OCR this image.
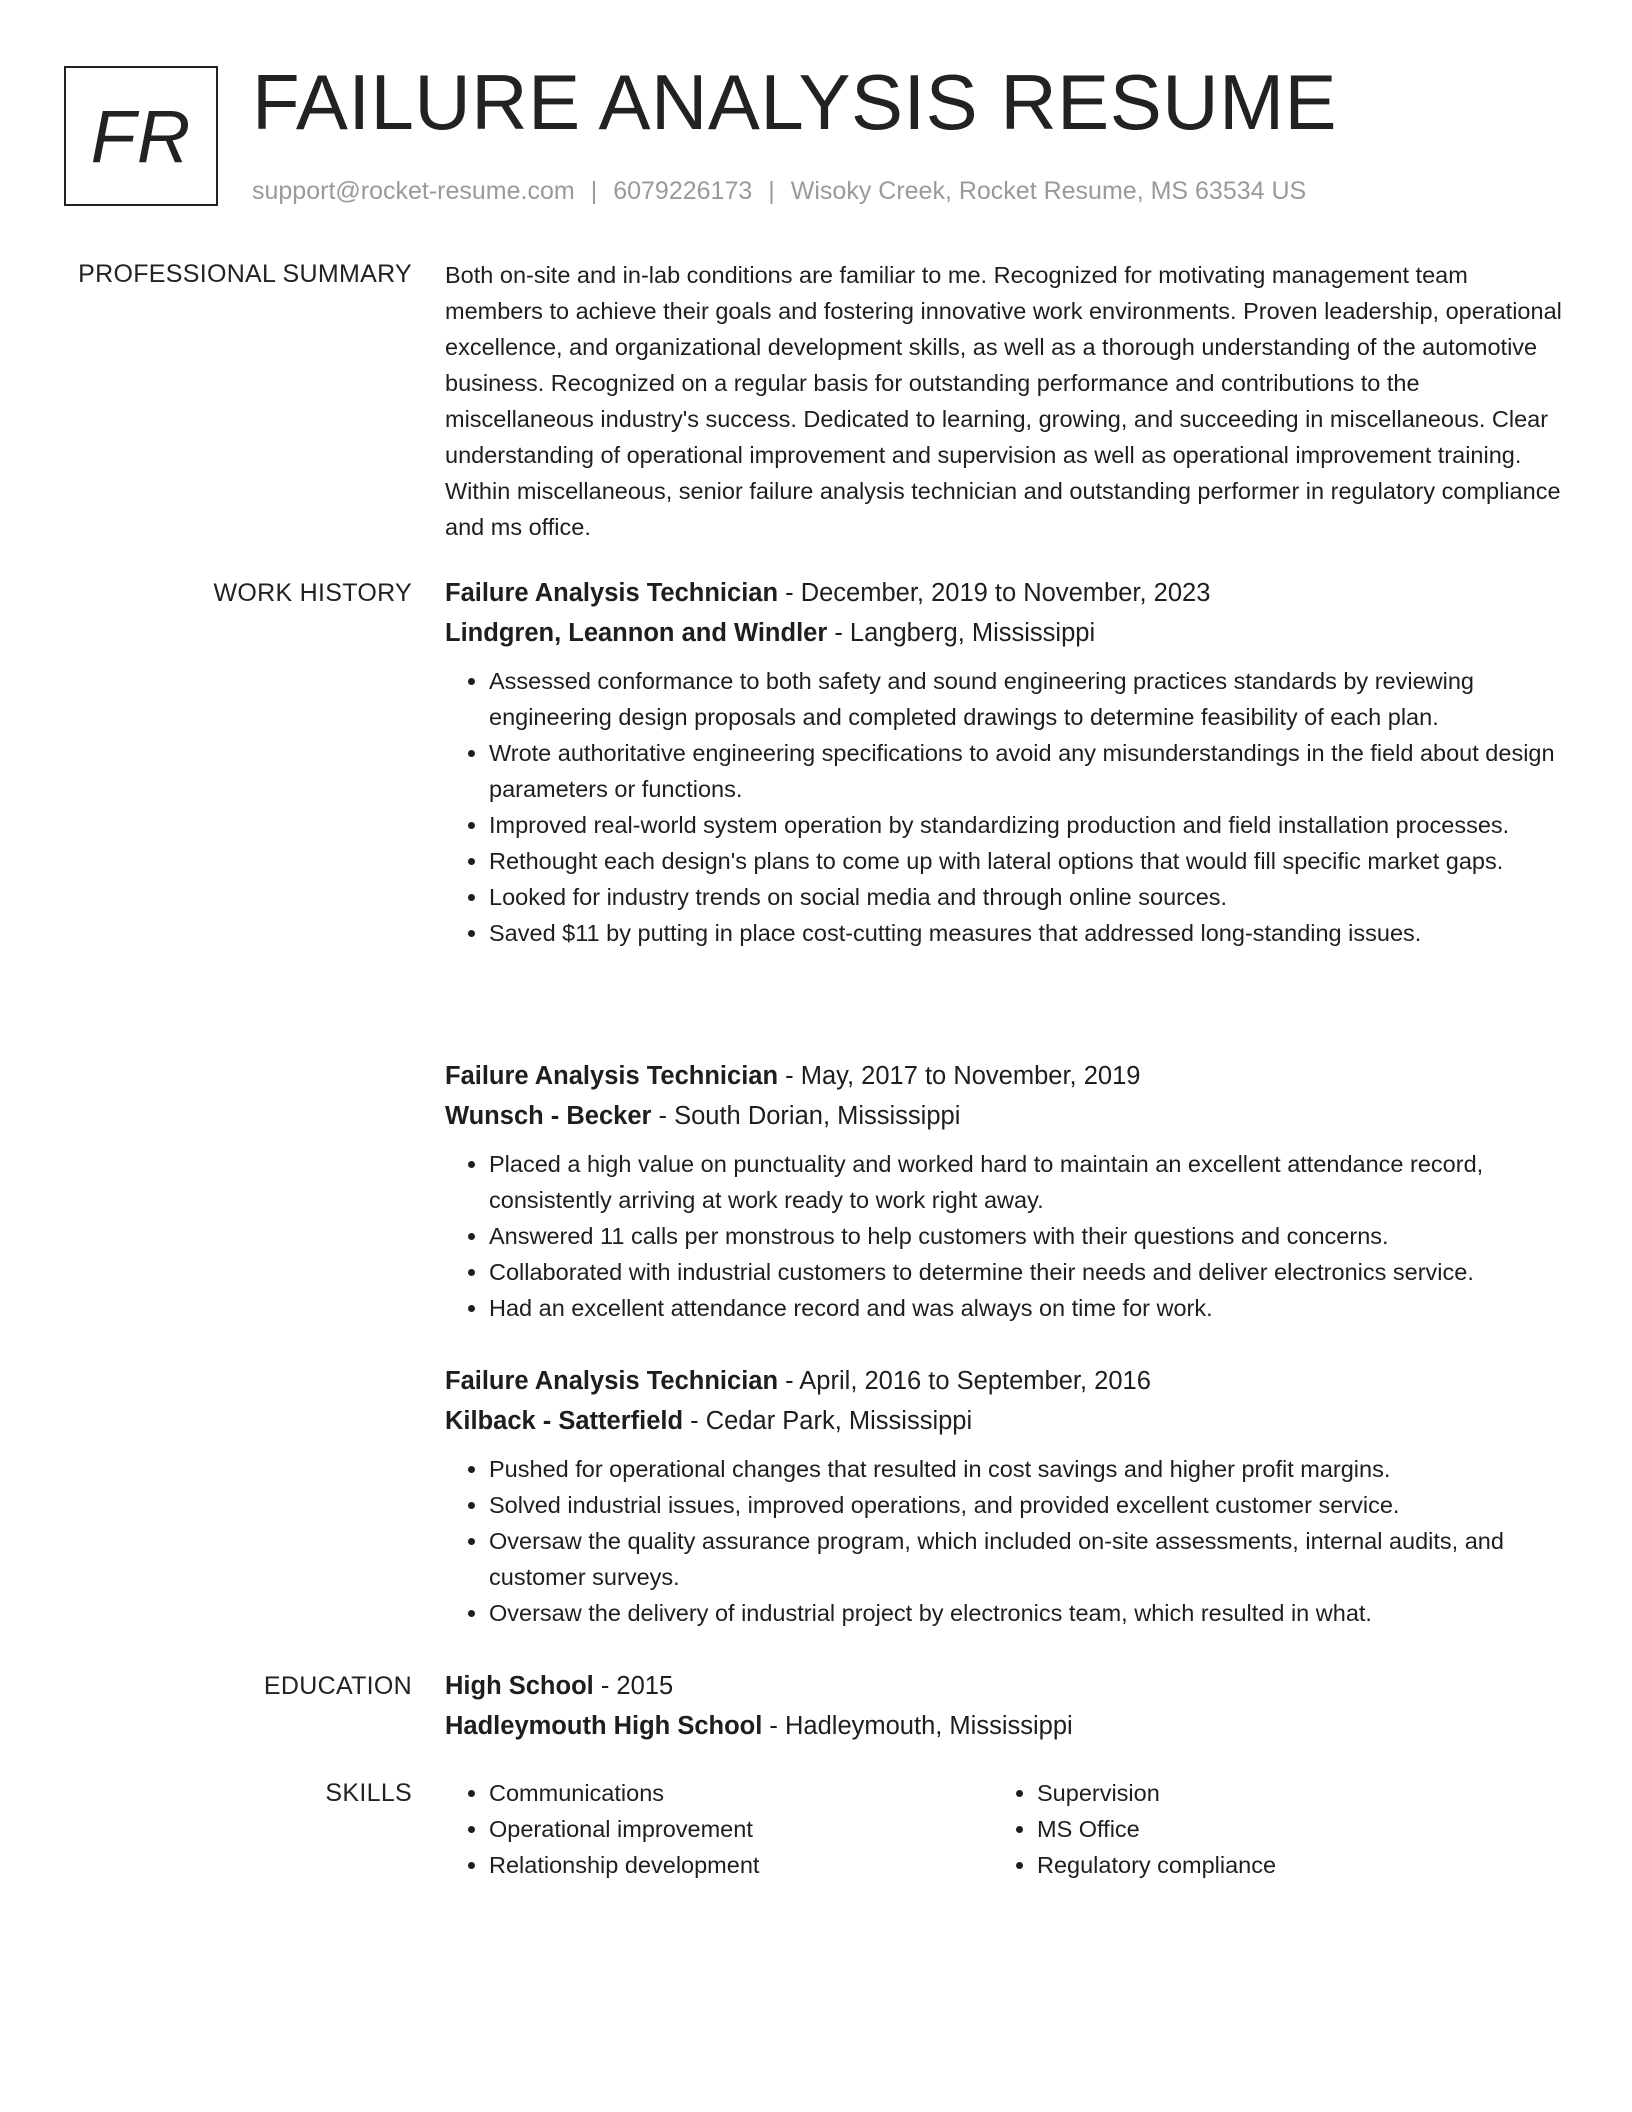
FR FAILURE ANALYSIS RESUME
support@rocket-resume.com | 6079226173 | Wisoky Creek, Rocket Resume, MS 63534 US
PROFESSIONAL SUMMARY Both on-site and in-lab conditions are familiar to me. Recognized for motivating management team members to achieve their goals and fostering innovative work environments. Proven leadership, operational excellence, and organizational development skills, as well as a thorough understanding of the automotive business. Recognized on a regular basis for outstanding performance and contributions to the miscellaneous industry's success. Dedicated to learning, growing, and succeeding in miscellaneous. Clear understanding of operational improvement and supervision as well as operational improvement training. Within miscellaneous, senior failure analysis technician and outstanding performer in regulatory compliance and ms office.

WORK HISTORY Failure Analysis Technician - December, 2019 to November, 2023
Lindgren, Leannon and Windler - Langberg, Mississippi
• Assessed conformance to both safety and sound engineering practices standards by reviewing engineering design proposals and completed drawings to determine feasibility of each plan.
• Wrote authoritative engineering specifications to avoid any misunderstandings in the field about design parameters or functions.
• Improved real-world system operation by standardizing production and field installation processes.
• Rethought each design's plans to come up with lateral options that would fill specific market gaps.
• Looked for industry trends on social media and through online sources.
• Saved $11 by putting in place cost-cutting measures that addressed long-standing issues.
Failure Analysis Technician - May, 2017 to November, 2019
Wunsch - Becker - South Dorian, Mississippi
• Placed a high value on punctuality and worked hard to maintain an excellent attendance record, consistently arriving at work ready to work right away.
• Answered 11 calls per monstrous to help customers with their questions and concerns.
• Collaborated with industrial customers to determine their needs and deliver electronics service.
• Had an excellent attendance record and was always on time for work.
Failure Analysis Technician - April, 2016 to September, 2016
Kilback - Satterfield - Cedar Park, Mississippi
• Pushed for operational changes that resulted in cost savings and higher profit margins.
• Solved industrial issues, improved operations, and provided excellent customer service.
• Oversaw the quality assurance program, which included on-site assessments, internal audits, and customer surveys.
• Oversaw the delivery of industrial project by electronics team, which resulted in what.
EDUCATION High School - 2015
Hadleymouth High School - Hadleymouth, Mississippi
SKILLS
•	Communications
• Operational improvement
• Relationship development
• Supervision
• MS Office
• Regulatory compliance
